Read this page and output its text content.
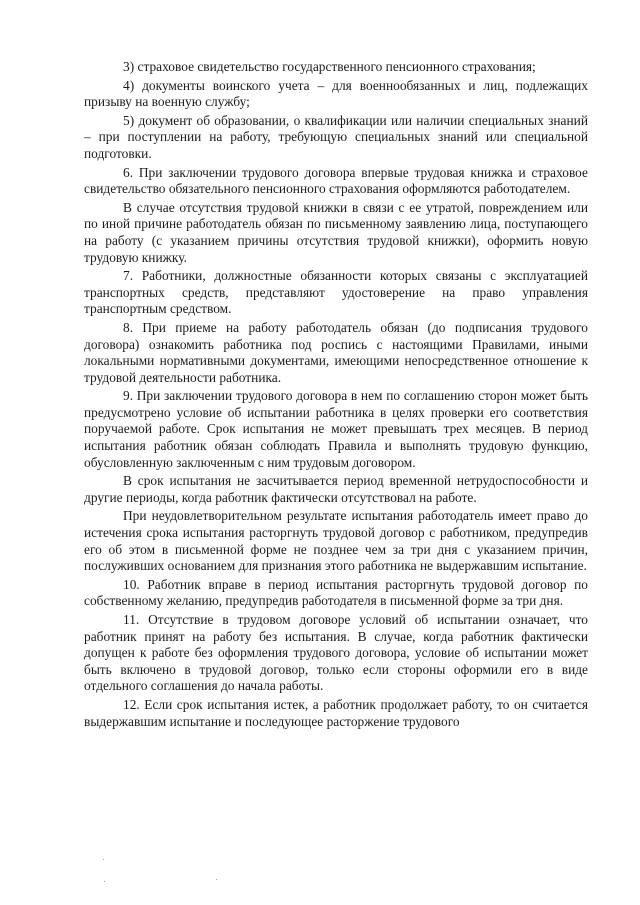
3) страховое свидетельство государственного пенсионного страхования;

4) документы воинского учета – для военнообязанных и лиц, подлежащих призыву на военную службу;

5) документ об образовании, о квалификации или наличии специальных знаний – при поступлении на работу, требующую специальных знаний или специальной подготовки.

6. При заключении трудового договора впервые трудовая книжка и страховое свидетельство обязательного пенсионного страхования оформляются работодателем.

В случае отсутствия трудовой книжки в связи с ее утратой, повреждением или по иной причине работодатель обязан по письменному заявлению лица, поступающего на работу (с указанием причины отсутствия трудовой книжки), оформить новую трудовую книжку.

7. Работники, должностные обязанности которых связаны с эксплуатацией транспортных средств, представляют удостоверение на право управления транспортным средством.

8. При приеме на работу работодатель обязан (до подписания трудового договора) ознакомить работника под роспись с настоящими Правилами, иными локальными нормативными документами, имеющими непосредственное отношение к трудовой деятельности работника.

9. При заключении трудового договора в нем по соглашению сторон может быть предусмотрено условие об испытании работника в целях проверки его соответствия поручаемой работе. Срок испытания не может превышать трех месяцев. В период испытания работник обязан соблюдать Правила и выполнять трудовую функцию, обусловленную заключенным с ним трудовым договором.

В срок испытания не засчитывается период временной нетрудоспособности и другие периоды, когда работник фактически отсутствовал на работе.

При неудовлетворительном результате испытания работодатель имеет право до истечения срока испытания расторгнуть трудовой договор с работником, предупредив его об этом в письменной форме не позднее чем за три дня с указанием причин, послуживших основанием для признания этого работника не выдержавшим испытание.

10. Работник вправе в период испытания расторгнуть трудовой договор по собственному желанию, предупредив работодателя в письменной форме за три дня.

11. Отсутствие в трудовом договоре условий об испытании означает, что работник принят на работу без испытания. В случае, когда работник фактически допущен к работе без оформления трудового договора, условие об испытании может быть включено в трудовой договор, только если стороны оформили его в виде отдельного соглашения до начала работы.

12. Если срок испытания истек, а работник продолжает работу, то он считается выдержавшим испытание и последующее расторжение трудового
